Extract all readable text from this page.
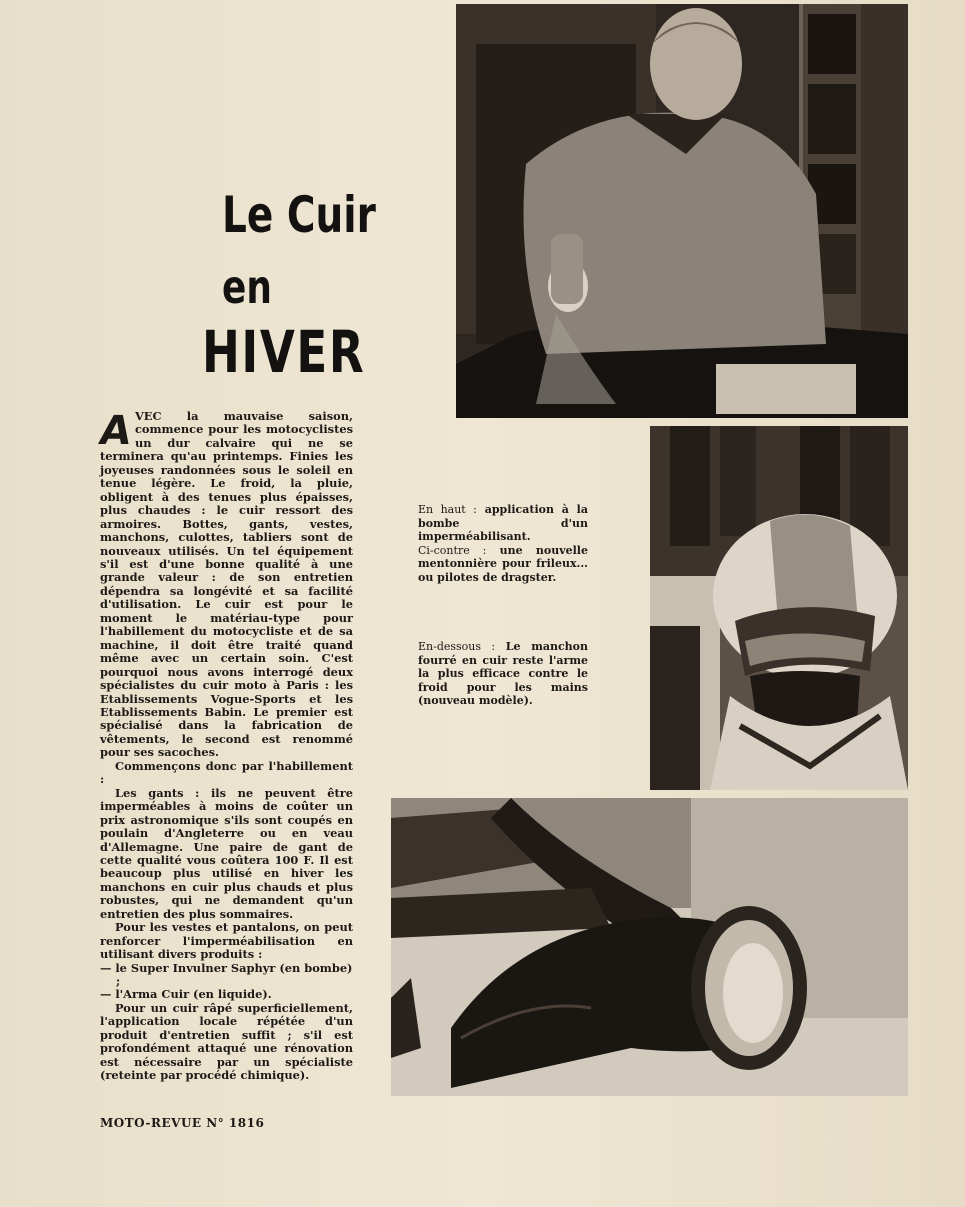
Le Cuir
en
HIVER

AVEC la mauvaise saison, commence pour les motocyclistes un dur calvaire qui ne se terminera qu'au printemps. Finies les joyeuses randonnées sous le soleil en tenue légère. Le froid, la pluie, obligent à des tenues plus épaisses, plus chaudes : le cuir ressort des armoires. Bottes, gants, vestes, manchons, culottes, tabliers sont de nouveaux utilisés. Un tel équipement s'il est d'une bonne qualité à une grande valeur : de son entretien dépendra sa longévité et sa facilité d'utilisation. Le cuir est pour le moment le matériau-type pour l'habillement du motocycliste et de sa machine, il doit être traité quand même avec un certain soin. C'est pourquoi nous avons interrogé deux spécialistes du cuir moto à Paris : les Etablissements Vogue-Sports et les Etablissements Babin. Le premier est spécialisé dans la fabrication de vêtements, le second est renommé pour ses sacoches.

Commençons donc par l'habillement :

Les gants : ils ne peuvent être imperméables à moins de coûter un prix astronomique s'ils sont coupés en poulain d'Angleterre ou en veau d'Allemagne. Une paire de gant de cette qualité vous coûtera 100 F. Il est beaucoup plus utilisé en hiver les manchons en cuir plus chauds et plus robustes, qui ne demandent qu'un entretien des plus sommaires.

Pour les vestes et pantalons, on peut renforcer l'imperméabilisation en utilisant divers produits :

— le Super Invulner Saphyr (en bombe) ;

— l'Arma Cuir (en liquide).

Pour un cuir râpé superficiellement, l'application locale répétée d'un produit d'entretien suffit ; s'il est profondément attaqué une rénovation est nécessaire par un spécialiste (reteinte par procédé chimique).

En haut : application à la bombe d'un imperméabilisant.
Ci-contre : une nouvelle mentonnière pour frileux... ou pilotes de dragster.
En-dessous : Le manchon fourré en cuir reste l'arme la plus efficace contre le froid pour les mains (nouveau modèle).
MOTO-REVUE N° 1816
